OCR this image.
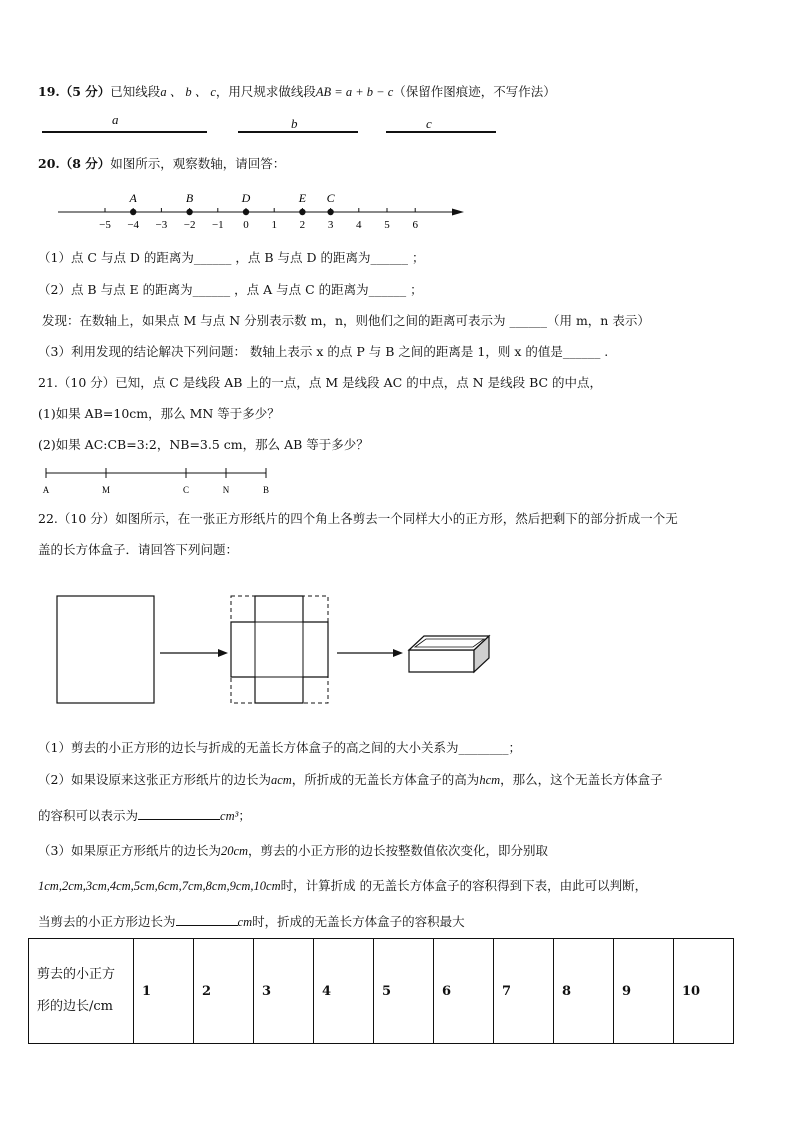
19.（5 分）已知线段a 、 b 、 c，用尺规求做线段AB = a + b − c（保留作图痕迹，不写作法）
a	b	c
20.（8 分）如图所示，观察数轴，请回答：
−5 −4 −3 −2 −1 0 1 2 3 4 5 6
A	B	D	E C
（1）点 C 与点 D 的距离为______ ，点 B 与点 D 的距离为______ ；
（2）点 B 与点 E 的距离为______ ，点 A 与点 C 的距离为______ ；
发现：在数轴上，如果点 M 与点 N 分别表示数 m，n，则他们之间的距离可表示为 ______（用 m，n 表示）
（3）利用发现的结论解决下列问题： 数轴上表示 x 的点 P 与 B 之间的距离是 1，则 x 的值是______ .
21.（10 分）已知，点 C 是线段 AB 上的一点，点 M 是线段 AC 的中点，点 N 是线段 BC 的中点，
(1)如果 AB=10cm，那么 MN 等于多少？
(2)如果 AC:CB=3:2，NB=3.5 cm，那么 AB 等于多少？
A	M	C	N	B
22.（10 分）如图所示，在一张正方形纸片的四个角上各剪去一个同样大小的正方形，然后把剩下的部分折成一个无
盖的长方体盒子．请回答下列问题：
（1）剪去的小正方形的边长与折成的无盖长方体盒子的高之间的大小关系为________；
（2）如果设原来这张正方形纸片的边长为acm，所折成的无盖长方体盒子的高为hcm，那么，这个无盖长方体盒子
的容积可以表示为	cm³；
（3）如果原正方形纸片的边长为20cm，剪去的小正方形的边长按整数值依次变化，即分别取
1cm,2cm,3cm,4cm,5cm,6cm,7cm,8cm,9cm,10cm时，计算折成 的无盖长方体盒子的容积得到下表，由此可以判断，
当剪去的小正方形边长为	cm时，折成的无盖长方体盒子的容积最大
剪去的小正方 形的边长/cm	1	2	3	4	5	6	7	8	9	10
